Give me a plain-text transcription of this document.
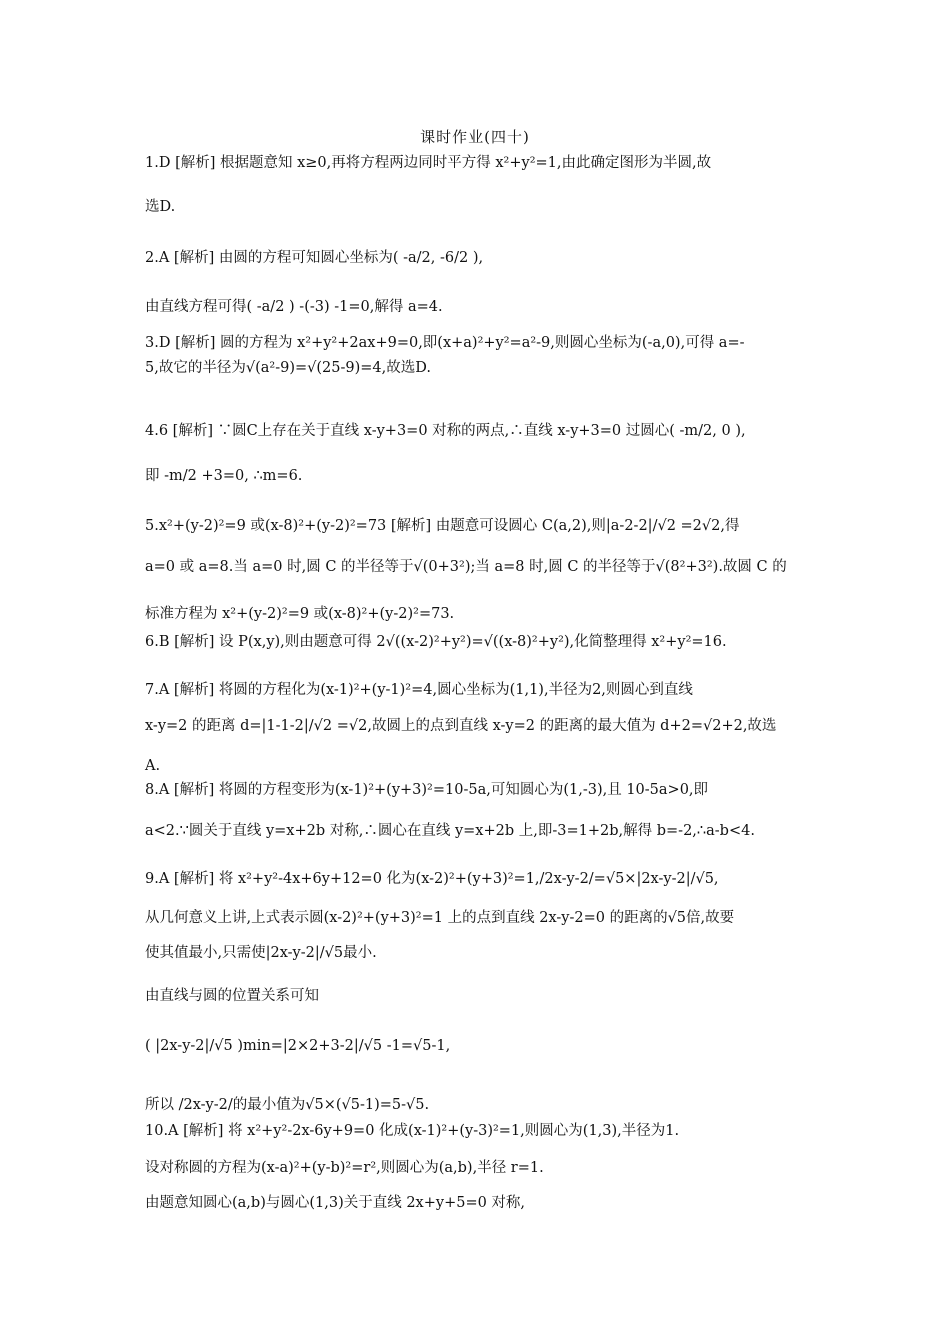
课时作业(四十)
1.D [解析] 根据题意知 x≥0,再将方程两边同时平方得 x²+y²=1,由此确定图形为半圆,故
选D.
2.A [解析] 由圆的方程可知圆心坐标为( -a/2, -6/2 ),
由直线方程可得( -a/2 ) -(-3) -1=0,解得 a=4.
3.D [解析] 圆的方程为 x²+y²+2ax+9=0,即(x+a)²+y²=a²-9,则圆心坐标为(-a,0),可得 a=-
5,故它的半径为√(a²-9)=√(25-9)=4,故选D.
4.6 [解析] ∵圆C上存在关于直线 x-y+3=0 对称的两点,∴直线 x-y+3=0 过圆心( -m/2, 0 ),
即 -m/2 +3=0, ∴m=6.
5.x²+(y-2)²=9 或(x-8)²+(y-2)²=73 [解析] 由题意可设圆心 C(a,2),则|a-2-2|/√2 =2√2,得
a=0 或 a=8.当 a=0 时,圆 C 的半径等于√(0+3²);当 a=8 时,圆 C 的半径等于√(8²+3²).故圆 C 的
标准方程为 x²+(y-2)²=9 或(x-8)²+(y-2)²=73.
6.B [解析] 设 P(x,y),则由题意可得 2√((x-2)²+y²)=√((x-8)²+y²),化简整理得 x²+y²=16.
7.A [解析] 将圆的方程化为(x-1)²+(y-1)²=4,圆心坐标为(1,1),半径为2,则圆心到直线
x-y=2 的距离 d=|1-1-2|/√2 =√2,故圆上的点到直线 x-y=2 的距离的最大值为 d+2=√2+2,故选
A.
8.A [解析] 将圆的方程变形为(x-1)²+(y+3)²=10-5a,可知圆心为(1,-3),且 10-5a>0,即
a<2.∵圆关于直线 y=x+2b 对称,∴圆心在直线 y=x+2b 上,即-3=1+2b,解得 b=-2,∴a-b<4.
9.A [解析] 将 x²+y²-4x+6y+12=0 化为(x-2)²+(y+3)²=1,/2x-y-2/=√5×|2x-y-2|/√5,
从几何意义上讲,上式表示圆(x-2)²+(y+3)²=1 上的点到直线 2x-y-2=0 的距离的√5倍,故要
使其值最小,只需使|2x-y-2|/√5最小.
由直线与圆的位置关系可知
( |2x-y-2|/√5 )min=|2×2+3-2|/√5 -1=√5-1,
所以 /2x-y-2/的最小值为√5×(√5-1)=5-√5.
10.A [解析] 将 x²+y²-2x-6y+9=0 化成(x-1)²+(y-3)²=1,则圆心为(1,3),半径为1.
设对称圆的方程为(x-a)²+(y-b)²=r²,则圆心为(a,b),半径 r=1.
由题意知圆心(a,b)与圆心(1,3)关于直线 2x+y+5=0 对称,
